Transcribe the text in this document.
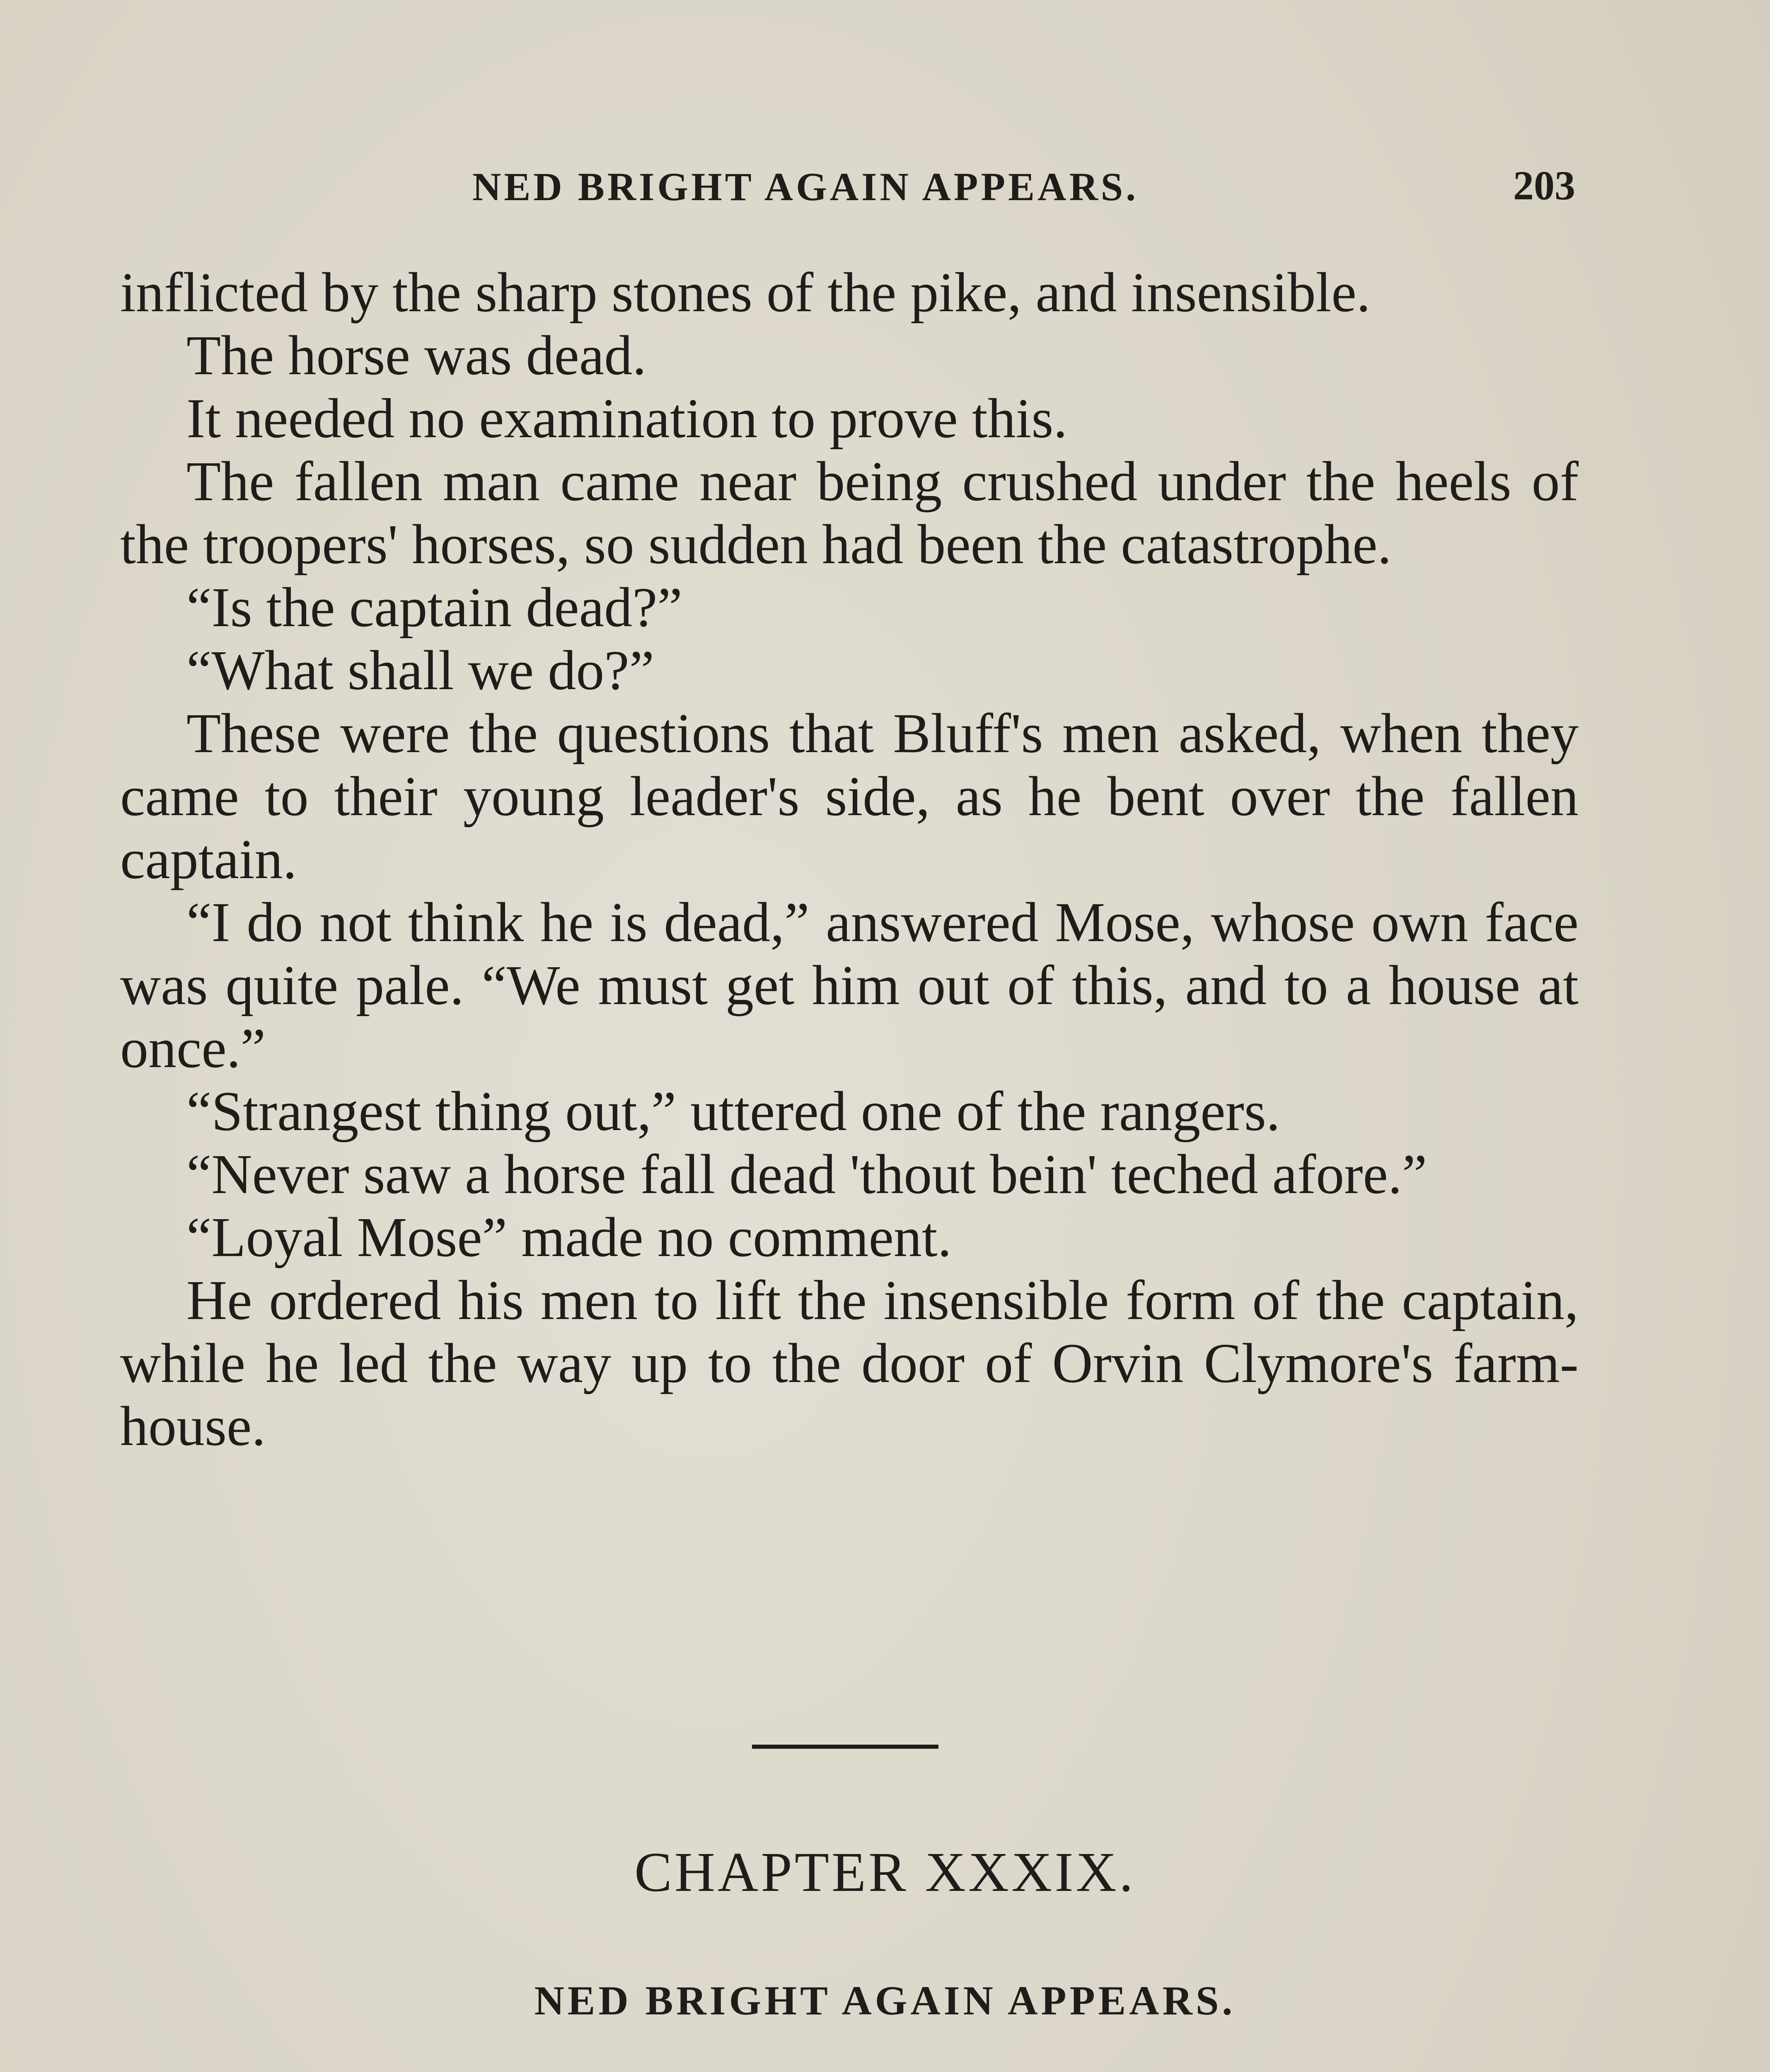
NED BRIGHT AGAIN APPEARS.	203

inflicted by the sharp stones of the pike, and insensible.

The horse was dead.

It needed no examination to prove this.

The fallen man came near being crushed under the heels of the troopers' horses, so sudden had been the catastrophe.

“Is the captain dead?”

“What shall we do?”

These were the questions that Bluff's men asked, when they came to their young leader's side, as he bent over the fallen captain.

“I do not think he is dead,” answered Mose, whose own face was quite pale. “We must get him out of this, and to a house at once.”

“Strangest thing out,” uttered one of the rangers.

“Never saw a horse fall dead 'thout bein' teched afore.”

“Loyal Mose” made no comment.

He ordered his men to lift the insensible form of the captain, while he led the way up to the door of Orvin Clymore's farm-house.

CHAPTER XXXIX.
NED BRIGHT AGAIN APPEARS.
